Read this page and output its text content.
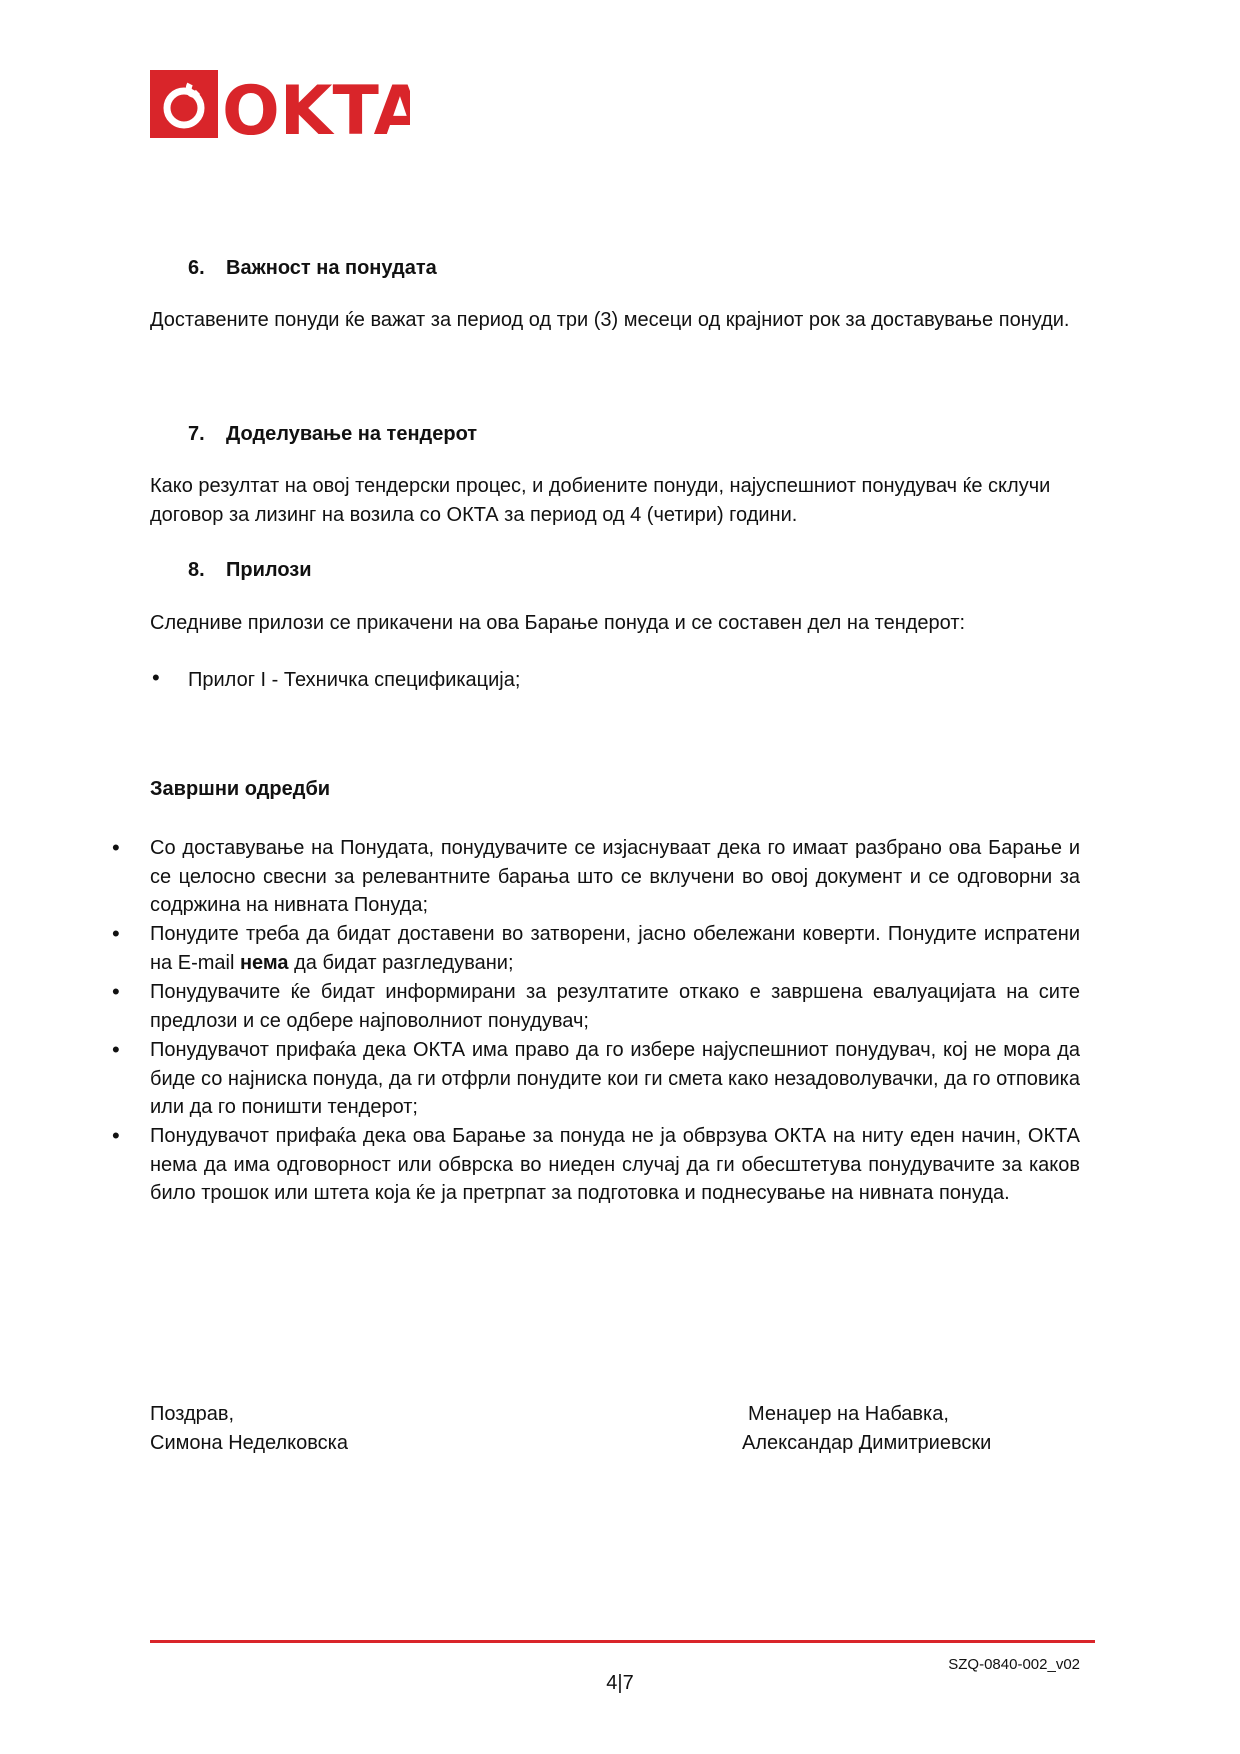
OKTA
6. Важност на понудата
Доставените понуди ќе важат за период од три (3) месеци од крајниот рок за доставување понуди.
7. Доделување на тендерот
Како резултат на овој тендерски процес, и добиените понуди, најуспешниот понудувач ќе склучи договор за лизинг на возила со ОКТА за период од 4 (четири) години.
8. Прилози
Следниве прилози се прикачени на ова Барање понуда и се составен дел на тендерот:
• Прилог I - Техничка спецификација;
Завршни одредби
• Со доставување на Понудата, понудувачите се изјаснуваат дека го имаат разбрано ова Барање и се целосно свесни за релевантните барања што се вклучени во овој документ и се одговорни за содржина на нивната Понуда;
• Понудите треба да бидат доставени во затворени, јасно обележани коверти. Понудите испратени на E-mail нема да бидат разгледувани;
• Понудувачите ќе бидат информирани за резултатите откако е завршена евалуацијата на сите предлози и се одбере најповолниот понудувач;
• Понудувачот прифаќа дека ОКТА има право да го избере најуспешниот понудувач, кој не мора да биде со најниска понуда, да ги отфрли понудите кои ги смета како незадоволувачки, да го отповика или да го поништи тендерот;
• Понудувачот прифаќа дека ова Барање за понуда не ја обврзува ОКТА на ниту еден начин, ОКТА нема да има одговорност или обврска во ниеден случај да ги обесштетува понудувачите за каков било трошок или штета која ќе ја претрпат за подготовка и поднесување на нивната понуда.
Поздрав,
Симона Неделковска
Менаџер на Набавка,
Александар Димитриевски
SZQ-0840-002_v02
4|7
